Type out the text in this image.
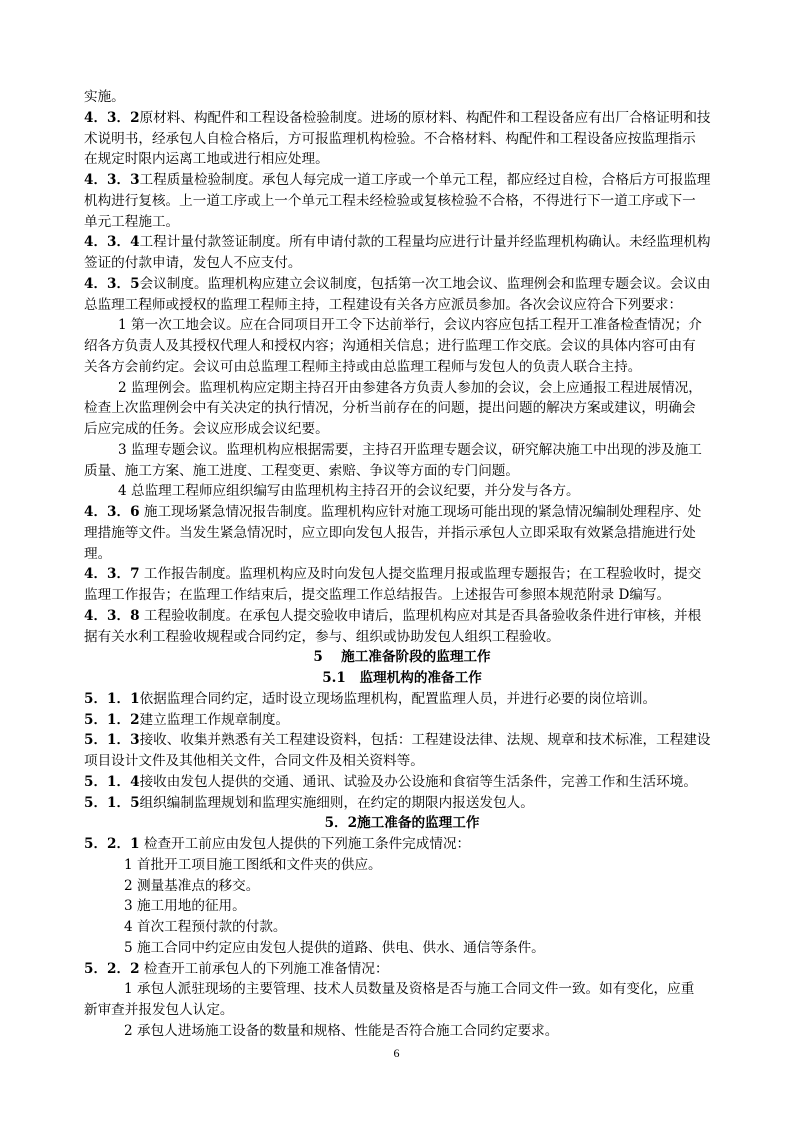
实施。
4．3．2原材料、构配件和工程设备检验制度。进场的原材料、构配件和工程设备应有出厂合格证明和技
术说明书，经承包人自检合格后，方可报监理机构检验。不合格材料、构配件和工程设备应按监理指示
在规定时限内运离工地或进行相应处理。
4．3．3工程质量检验制度。承包人每完成一道工序或一个单元工程，都应经过自检，合格后方可报监理
机构进行复核。上一道工序或上一个单元工程未经检验或复核检验不合格，不得进行下一道工序或下一
单元工程施工。
4．3．4工程计量付款签证制度。所有申请付款的工程量均应进行计量并经监理机构确认。未经监理机构
签证的付款申请，发包人不应支付。
4．3．5会议制度。监理机构应建立会议制度，包括第一次工地会议、监理例会和监理专题会议。会议由
总监理工程师或授权的监理工程师主持，工程建设有关各方应派员参加。各次会议应符合下列要求：
1 第一次工地会议。应在合同项目开工令下达前举行，会议内容应包括工程开工准备检查情况；介
绍各方负责人及其授权代理人和授权内容；沟通相关信息；进行监理工作交底。会议的具体内容可由有
关各方会前约定。会议可由总监理工程师主持或由总监理工程师与发包人的负责人联合主持。
2 监理例会。监理机构应定期主持召开由参建各方负责人参加的会议，会上应通报工程进展情况，
检查上次监理例会中有关决定的执行情况，分析当前存在的问题，提出问题的解决方案或建议，明确会
后应完成的任务。会议应形成会议纪要。
3 监理专题会议。监理机构应根据需要，主持召开监理专题会议，研究解决施工中出现的涉及施工
质量、施工方案、施工进度、工程变更、索赔、争议等方面的专门问题。
4 总监理工程师应组织编写由监理机构主持召开的会议纪要，并分发与各方。
4．3．6 施工现场紧急情况报告制度。监理机构应针对施工现场可能出现的紧急情况编制处理程序、处
理措施等文件。当发生紧急情况时，应立即向发包人报告，并指示承包人立即采取有效紧急措施进行处
理。
4．3．7 工作报告制度。监理机构应及时向发包人提交监理月报或监理专题报告；在工程验收时，提交
监理工作报告；在监理工作结束后，提交监理工作总结报告。上述报告可参照本规范附录 D编写。
4．3．8 工程验收制度。在承包人提交验收申请后，监理机构应对其是否具备验收条件进行审核，并根
据有关水利工程验收规程或合同约定，参与、组织或协助发包人组织工程验收。
5　 施工准备阶段的监理工作
5.1　监理机构的准备工作
5．1．1依据监理合同约定，适时设立现场监理机构，配置监理人员，并进行必要的岗位培训。
5．1．2建立监理工作规章制度。
5．1．3接收、收集并熟悉有关工程建设资料，包括：工程建设法律、法规、规章和技术标准，工程建设
项目设计文件及其他相关文件，合同文件及相关资料等。
5．1．4接收由发包人提供的交通、通讯、试验及办公设施和食宿等生活条件，完善工作和生活环境。
5．1．5组织编制监理规划和监理实施细则，在约定的期限内报送发包人。
5．2施工准备的监理工作
5．2．1 检查开工前应由发包人提供的下列施工条件完成情况：
1 首批开工项目施工图纸和文件夹的供应。
2 测量基准点的移交。
3 施工用地的征用。
4 首次工程预付款的付款。
5 施工合同中约定应由发包人提供的道路、供电、供水、通信等条件。
5．2．2 检查开工前承包人的下列施工准备情况：
1 承包人派驻现场的主要管理、技术人员数量及资格是否与施工合同文件一致。如有变化，应重
新审查并报发包人认定。
2 承包人进场施工设备的数量和规格、性能是否符合施工合同约定要求。
6
